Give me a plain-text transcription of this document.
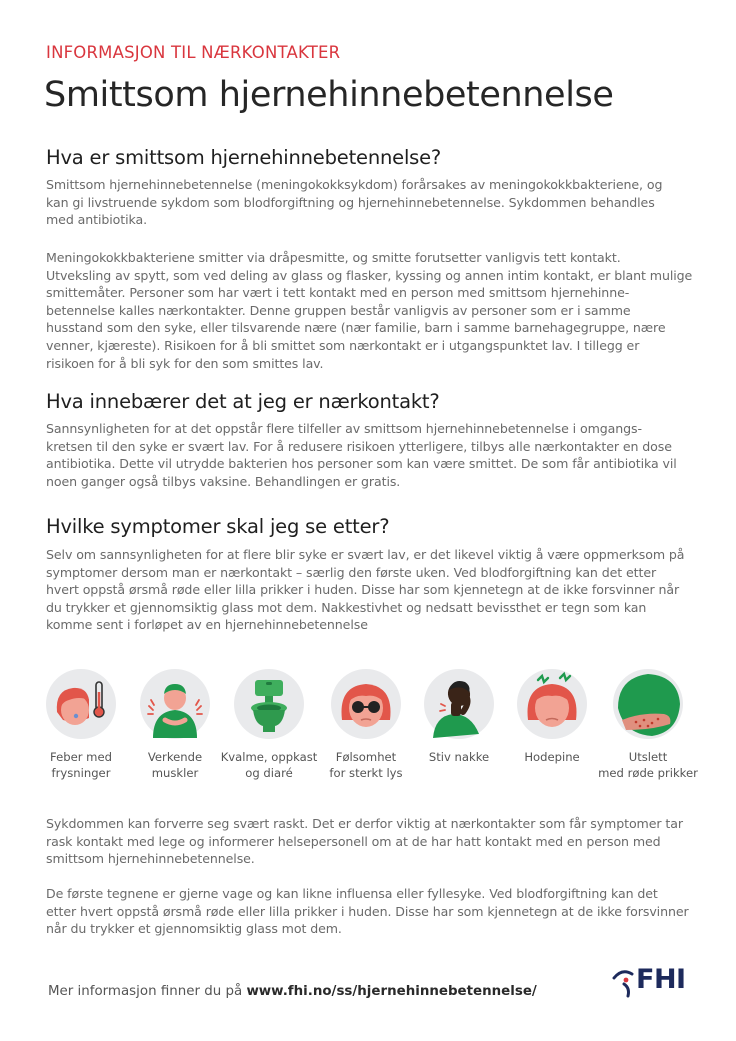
INFORMASJON TIL NÆRKONTAKTER

Smittsom hjernehinnebetennelse
Hva er smittsom hjernehinnebetennelse?
Smittsom hjernehinnebetennelse (meningokokksykdom) forårsakes av meningokokkbakteriene, og
kan gi livstruende sykdom som blodforgiftning og hjernehinnebetennelse. Sykdommen behandles
med antibiotika.
Meningokokkbakteriene smitter via dråpesmitte, og smitte forutsetter vanligvis tett kontakt.
Utveksling av spytt, som ved deling av glass og flasker, kyssing og annen intim kontakt, er blant mulige
smittemåter. Personer som har vært i tett kontakt med en person med smittsom hjernehinne-
betennelse kalles nærkontakter. Denne gruppen består vanligvis av personer som er i samme
husstand som den syke, eller tilsvarende nære (nær familie, barn i samme barnehagegruppe, nære
venner, kjæreste). Risikoen for å bli smittet som nærkontakt er i utgangspunktet lav. I tillegg er
risikoen for å bli syk for den som smittes lav.
Hva innebærer det at jeg er nærkontakt?
Sannsynligheten for at det oppstår flere tilfeller av smittsom hjernehinnebetennelse i omgangs-
kretsen til den syke er svært lav. For å redusere risikoen ytterligere, tilbys alle nærkontakter en dose
antibiotika. Dette vil utrydde bakterien hos personer som kan være smittet. De som får antibiotika vil
noen ganger også tilbys vaksine. Behandlingen er gratis.
Hvilke symptomer skal jeg se etter?
Selv om sannsynligheten for at flere blir syke er svært lav, er det likevel viktig å være oppmerksom på
symptomer dersom man er nærkontakt – særlig den første uken. Ved blodforgiftning kan det etter
hvert oppstå ørsmå røde eller lilla prikker i huden. Disse har som kjennetegn at de ikke forsvinner når
du trykker et gjennomsiktig glass mot dem. Nakkestivhet og nedsatt bevissthet er tegn som kan
komme sent i forløpet av en hjernehinnebetennelse
Feber med
frysninger
Verkende
muskler
Kvalme, oppkast
og diaré
Følsomhet
for sterkt lys
Stiv nakke	Hodepine	Utslett
med røde prikker
Sykdommen kan forverre seg svært raskt. Det er derfor viktig at nærkontakter som får symptomer tar
rask kontakt med lege og informerer helsepersonell om at de har hatt kontakt med en person med
smittsom hjernehinnebetennelse.
De første tegnene er gjerne vage og kan likne influensa eller fyllesyke. Ved blodforgiftning kan det
etter hvert oppstå ørsmå røde eller lilla prikker i huden. Disse har som kjennetegn at de ikke forsvinner
når du trykker et gjennomsiktig glass mot dem.

Mer informasjon finner du på www.fhi.no/ss/hjernehinnebetennelse/	FHI
